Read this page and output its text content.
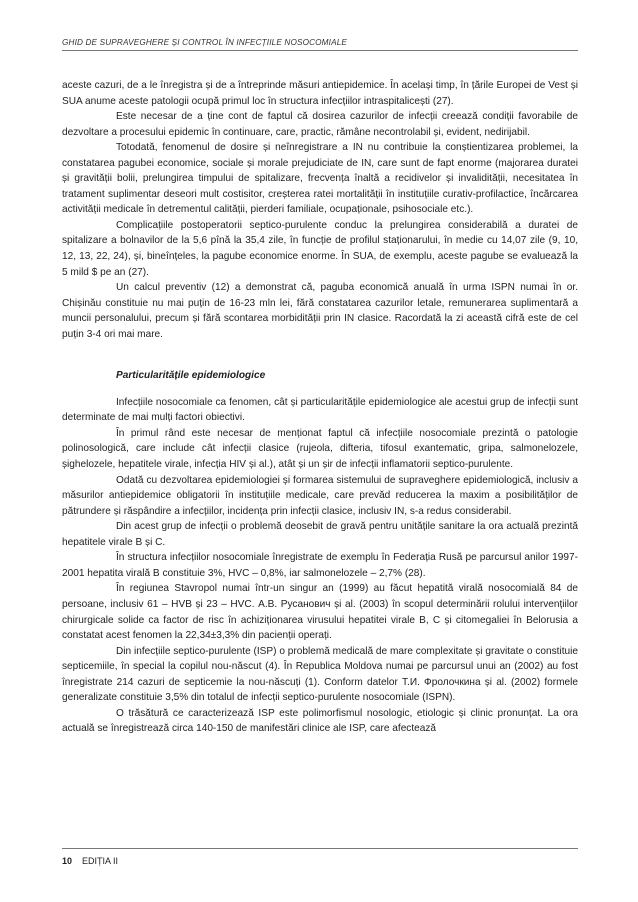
GHID DE SUPRAVEGHERE ȘI CONTROL ÎN INFECȚIILE NOSOCOMIALE

aceste cazuri, de a le înregistra și de a întreprinde măsuri antiepidemice. În același timp, în țările Europei de Vest și SUA anume aceste patologii ocupă primul loc în structura infecțiilor intraspitalicești (27).

Este necesar de a ține cont de faptul că dosirea cazurilor de infecții creează condiții favorabile de dezvoltare a procesului epidemic în continuare, care, practic, rămâne necontrolabil și, evident, nedirijabil.

Totodată, fenomenul de dosire și neînregistrare a IN nu contribuie la conștientizarea problemei, la constatarea pagubei economice, sociale și morale prejudiciate de IN, care sunt de fapt enorme (majorarea duratei și gravității bolii, prelungirea timpului de spitalizare, frecvența înaltă a recidivelor și invalidității, necesitatea în tratament suplimentar deseori mult costisitor, creșterea ratei mortalității în instituțiile curativ-profilactice, încărcarea activității medicale în detrementul calității, pierderi familiale, ocupaționale, psihosociale etc.).

Complicațiile postoperatorii septico-purulente conduc la prelungirea considerabilă a duratei de spitalizare a bolnavilor de la 5,6 pînă la 35,4 zile, în funcție de profilul staționarului, în medie cu 14,07 zile (9, 10, 12, 13, 22, 24), și, bineînțeles, la pagube economice enorme. În SUA, de exemplu, aceste pagube se evaluează la 5 mild $ pe an (27).

Un calcul preventiv (12) a demonstrat că, paguba economică anuală în urma ISPN numai în or. Chișinău constituie nu mai puțin de 16-23 mln lei, fără constatarea cazurilor letale, remunerarea suplimentară a muncii personalului, precum și fără scontarea morbidității prin IN clasice. Racordată la zi această cifră este de cel puțin 3-4 ori mai mare.

Particularitățile epidemiologice

Infecțiile nosocomiale ca fenomen, cât și particularitățile epidemiologice ale acestui grup de infecții sunt determinate de mai mulți factori obiectivi.

În primul rând este necesar de menționat faptul că infecțiile nosocomiale prezintă o patologie polinosologică, care include cât infecții clasice (rujeola, difteria, tifosul exantematic, gripa, salmonelozele, șighelozele, hepatitele virale, infecția HIV și al.), atât și un șir de infecții inflamatorii septico-purulente.

Odată cu dezvoltarea epidemiologiei și formarea sistemului de supraveghere epidemiologică, inclusiv a măsurilor antiepidemice obligatorii în instituțiile medicale, care prevăd reducerea la maxim a posibilităților de pătrundere și răspândire a infecțiilor, incidența prin infecții clasice, inclusiv IN, s-a redus considerabil.

Din acest grup de infecții o problemă deosebit de gravă pentru unitățile sanitare la ora actuală prezintă hepatitele virale B și C.

În structura infecțiilor nosocomiale înregistrate de exemplu în Federația Rusă pe parcursul anilor 1997-2001 hepatita virală B constituie 3%, HVC – 0,8%, iar salmonelozele – 2,7% (28).

În regiunea Stavropol numai într-un singur an (1999) au făcut hepatită virală nosocomială 84 de persoane, inclusiv 61 – HVB și 23 – HVC. А.В. Русанович și al. (2003) în scopul determinării rolului intervențiilor chirurgicale solide ca factor de risc în achiziționarea virusului hepatitei virale B, C și citomegaliei în Belorusia a constatat acest fenomen la 22,34±3,3% din pacienții operați.

Din infecțiile septico-purulente (ISP) o problemă medicală de mare complexitate și gravitate o constituie septicemiile, în special la copilul nou-născut (4). În Republica Moldova numai pe parcursul unui an (2002) au fost înregistrate 214 cazuri de septicemie la nou-născuți (1). Conform datelor Т.И. Фролочкина și al. (2002) formele generalizate constituie 3,5% din totalul de infecții septico-purulente nosocomiale (ISPN).

O trăsătură ce caracterizează ISP este polimorfismul nosologic, etiologic și clinic pronunțat. La ora actuală se înregistrează circa 140-150 de manifestări clinice ale ISP, care afectează

10 EDIȚIA II
